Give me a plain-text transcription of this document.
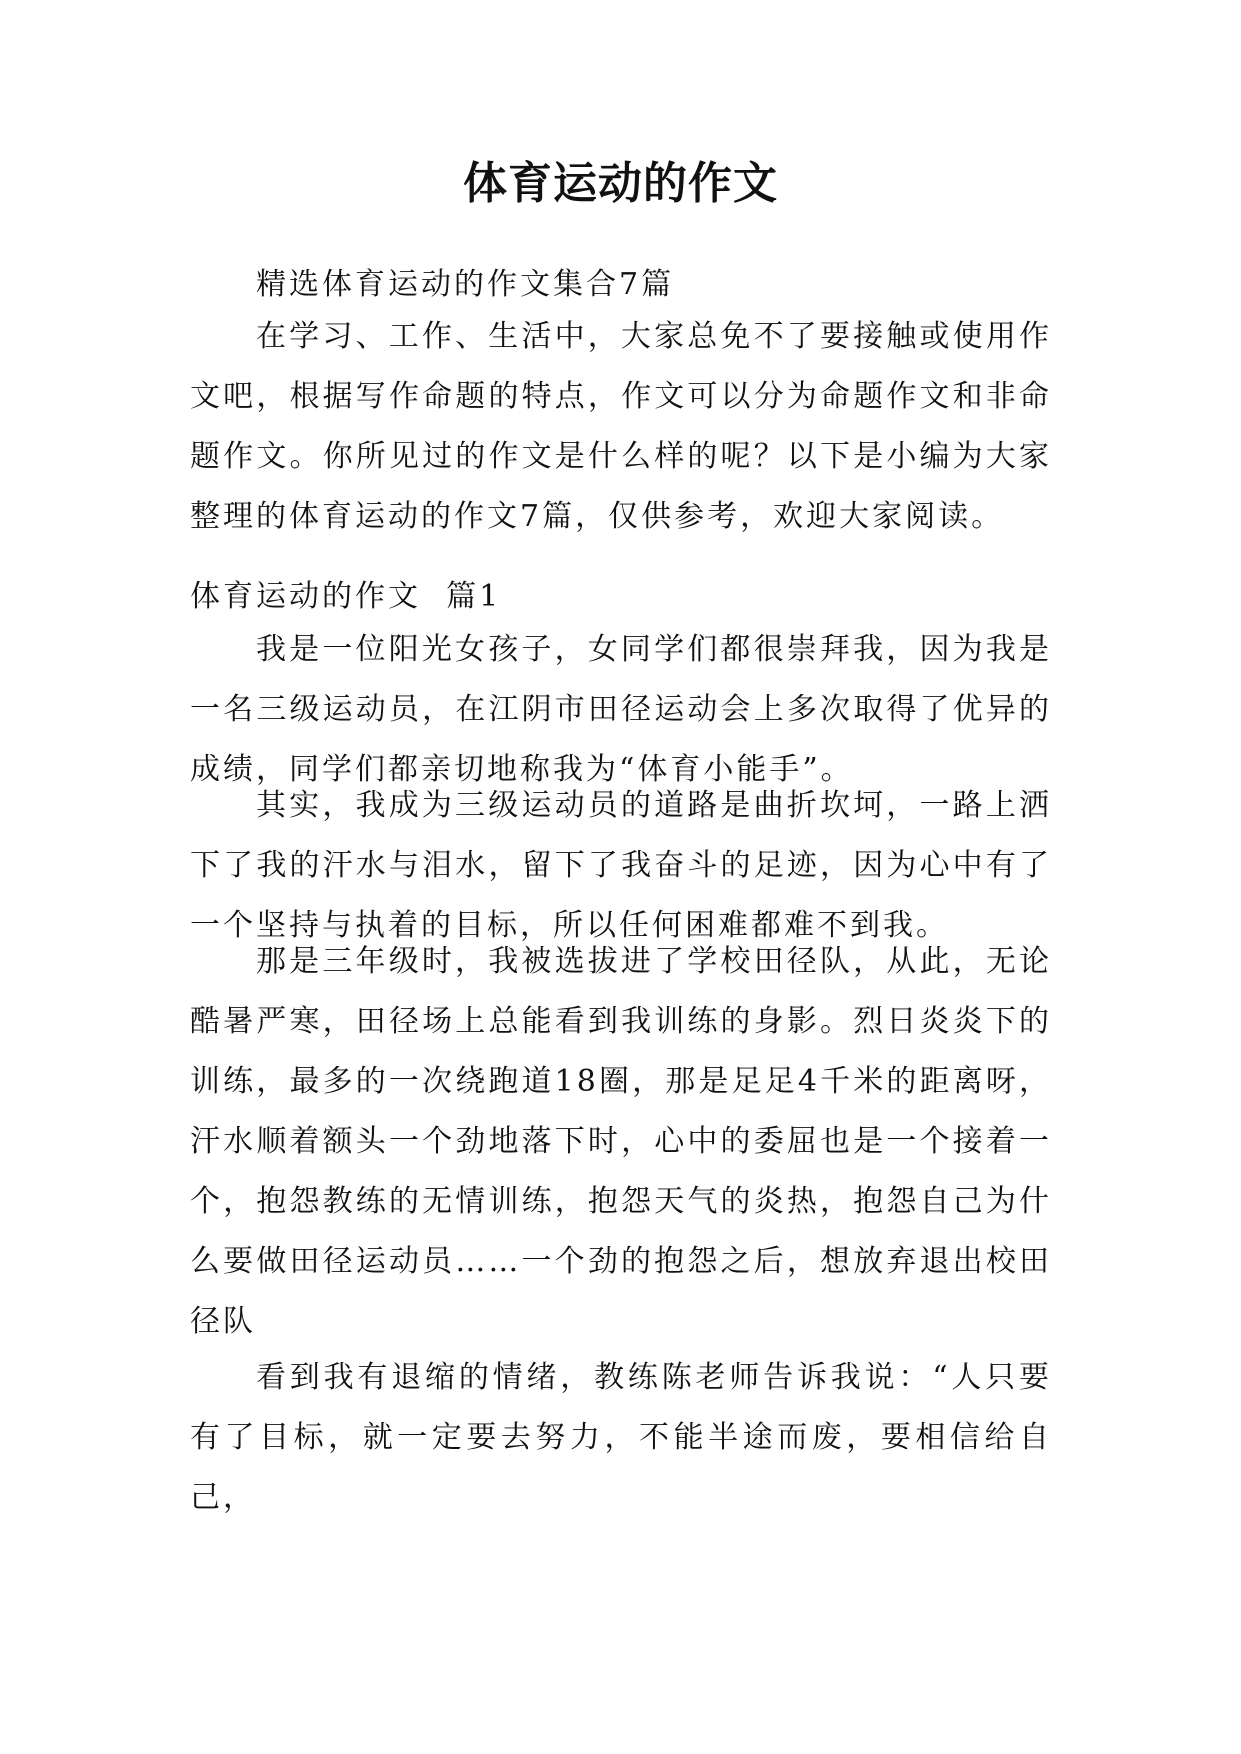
体育运动的作文

精选体育运动的作文集合7篇

在学习、工作、生活中，大家总免不了要接触或使用作文吧，根据写作命题的特点，作文可以分为命题作文和非命题作文。你所见过的作文是什么样的呢？以下是小编为大家整理的体育运动的作文7篇，仅供参考，欢迎大家阅读。

体育运动的作文  篇1

我是一位阳光女孩子，女同学们都很崇拜我，因为我是一名三级运动员，在江阴市田径运动会上多次取得了优异的成绩，同学们都亲切地称我为“体育小能手”。

其实，我成为三级运动员的道路是曲折坎坷，一路上洒下了我的汗水与泪水，留下了我奋斗的足迹，因为心中有了一个坚持与执着的目标，所以任何困难都难不到我。

那是三年级时，我被选拔进了学校田径队，从此，无论酷暑严寒，田径场上总能看到我训练的身影。烈日炎炎下的训练，最多的一次绕跑道18圈，那是足足4千米的距离呀，汗水顺着额头一个劲地落下时，心中的委屈也是一个接着一个，抱怨教练的无情训练，抱怨天气的炎热，抱怨自己为什么要做田径运动员……一个劲的抱怨之后，想放弃退出校田径队

看到我有退缩的情绪，教练陈老师告诉我说：“人只要有了目标，就一定要去努力，不能半途而废，要相信给自己，
